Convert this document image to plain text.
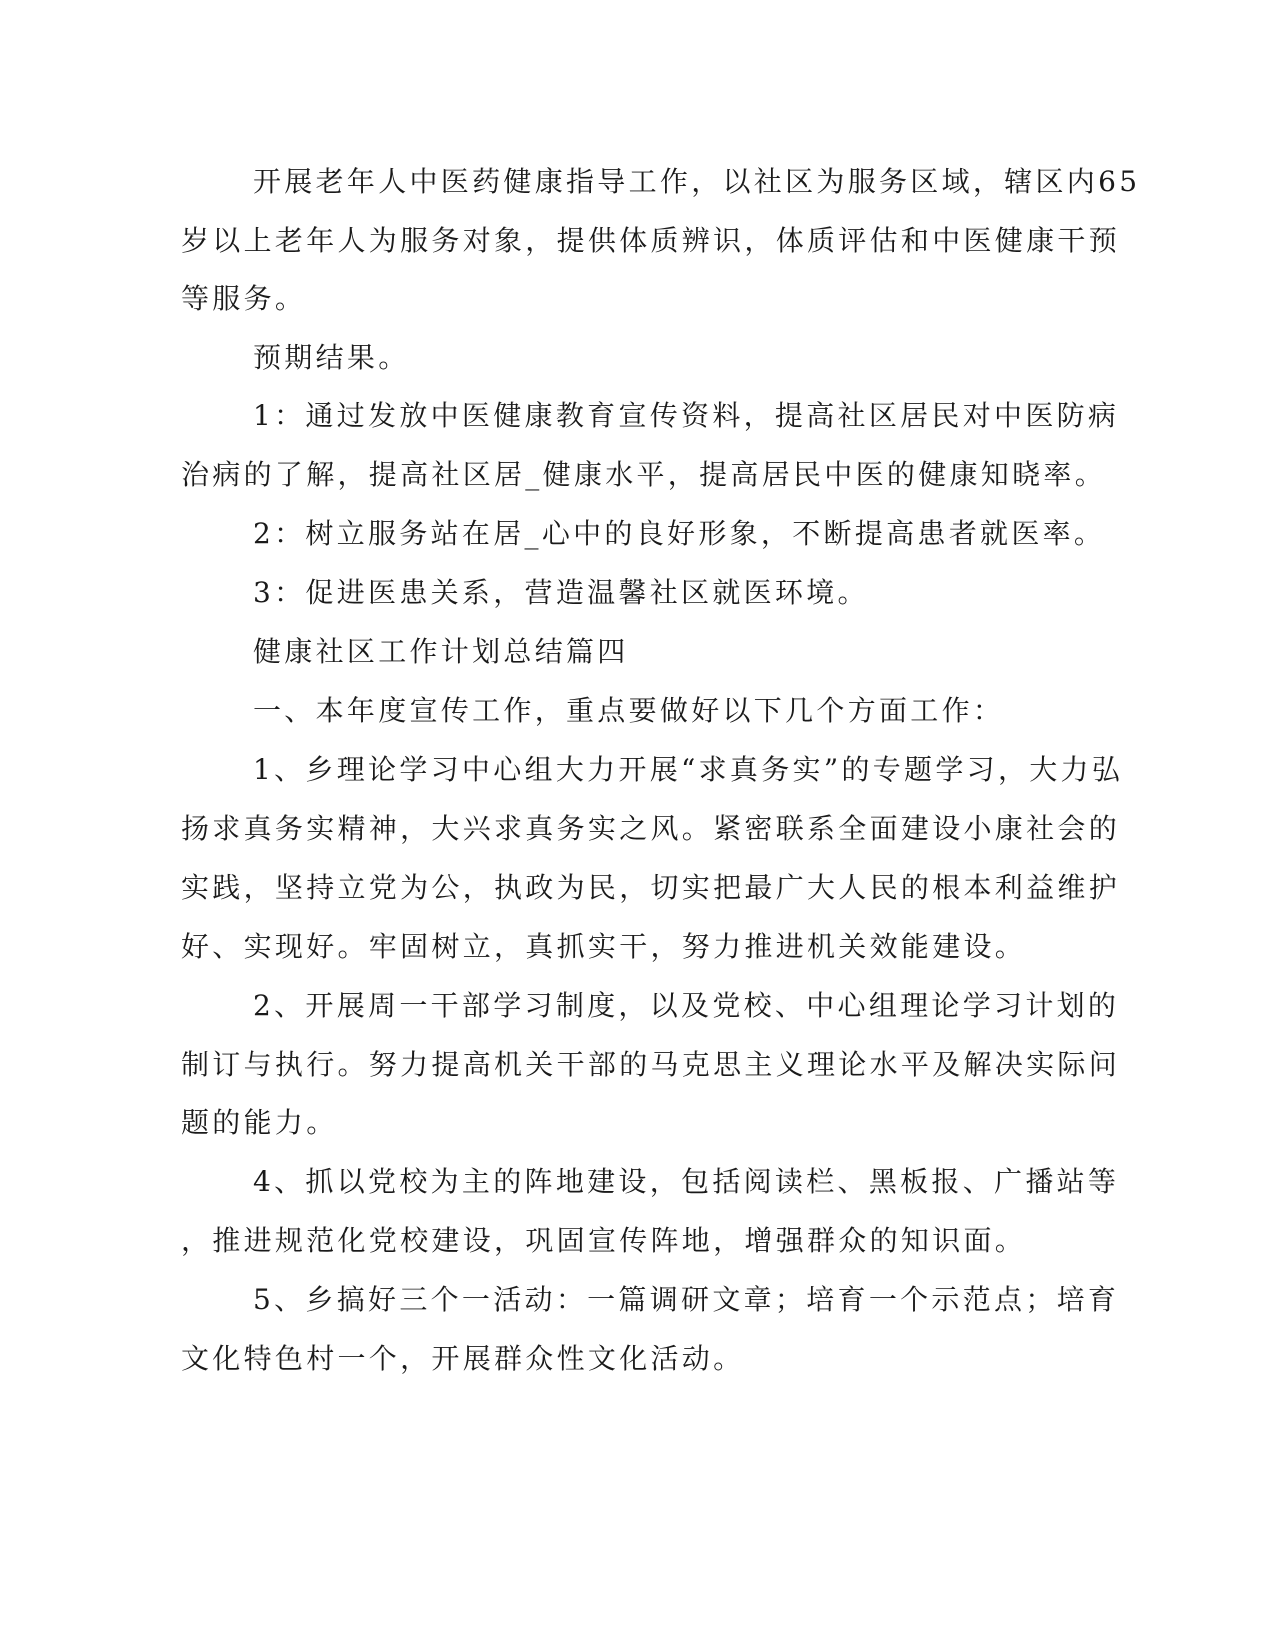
开展老年人中医药健康指导工作，以社区为服务区域，辖区内65

岁以上老年人为服务对象，提供体质辨识，体质评估和中医健康干预

等服务。

预期结果。

1：通过发放中医健康教育宣传资料，提高社区居民对中医防病

治病的了解，提高社区居_健康水平，提高居民中医的健康知晓率。

2：树立服务站在居_心中的良好形象，不断提高患者就医率。

3：促进医患关系，营造温馨社区就医环境。

健康社区工作计划总结篇四

一、本年度宣传工作，重点要做好以下几个方面工作：

1、乡理论学习中心组大力开展“求真务实”的专题学习，大力弘

扬求真务实精神，大兴求真务实之风。紧密联系全面建设小康社会的

实践，坚持立党为公，执政为民，切实把最广大人民的根本利益维护

好、实现好。牢固树立，真抓实干，努力推进机关效能建设。

2、开展周一干部学习制度，以及党校、中心组理论学习计划的

制订与执行。努力提高机关干部的马克思主义理论水平及解决实际问

题的能力。

4、抓以党校为主的阵地建设，包括阅读栏、黑板报、广播站等

，推进规范化党校建设，巩固宣传阵地，增强群众的知识面。

5、乡搞好三个一活动：一篇调研文章；培育一个示范点；培育

文化特色村一个，开展群众性文化活动。
